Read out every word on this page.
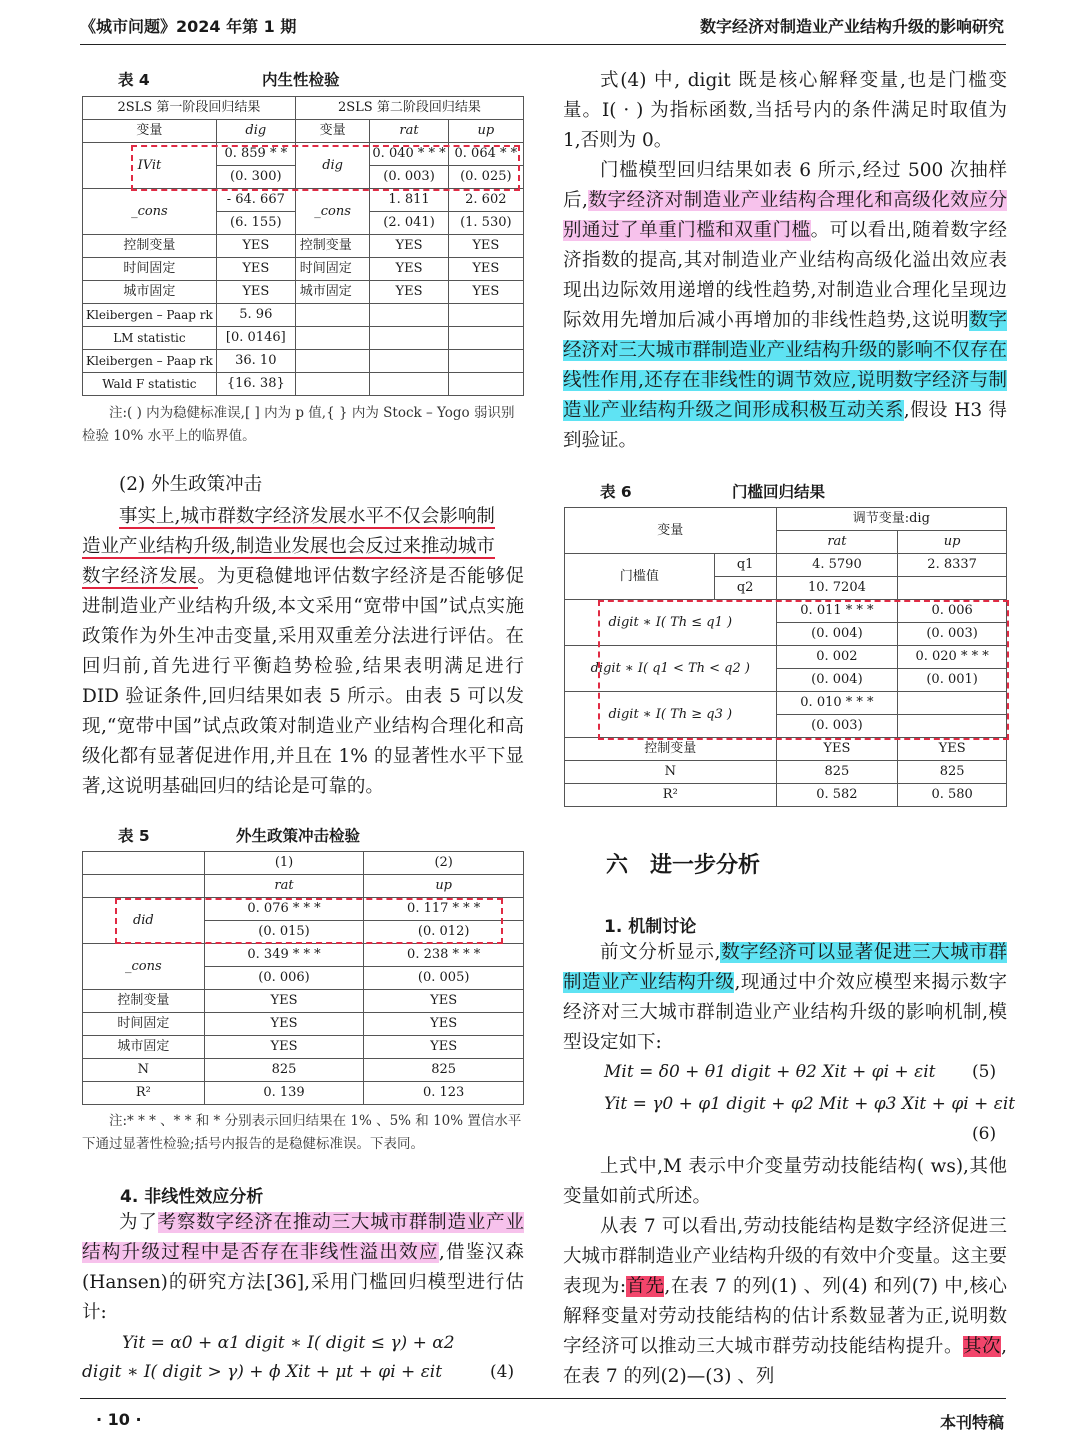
《城市问题》2024 年第 1 期	数字经济对制造业产业结构升级的影响研究
表 4	内生性检验
2SLS 第一阶段回归结果		2SLS 第二阶段回归结果		
变量	dig	变量	rat	up
IVit	0. 859 * *	dig	0. 040 * * *	0. 064 * *
	(0. 300)		(0. 003)	(0. 025)
_cons	- 64. 667	_cons	1. 811	2. 602
	(6. 155)		(2. 041)	(1. 530)
控制变量	YES	控制变量	YES	YES
时间固定	YES	时间固定	YES	YES
城市固定	YES	城市固定	YES	YES
Kleibergen – Paap rk	5. 96			
LM statistic	[0. 0146]			
Kleibergen – Paap rk	36. 10			
Wald F statistic	{16. 38}			
注:( ) 内为稳健标准误,[ ] 内为 p 值,{ } 内为 Stock – Yogo 弱识别检验 10% 水平上的临界值。

(2) 外生政策冲击

事实上,城市群数字经济发展水平不仅会影响制
造业产业结构升级,制造业发展也会反过来推动城市
数字经济发展。为更稳健地评估数字经济是否能够促进制造业产业结构升级,本文采用“宽带中国”试点实施政策作为外生冲击变量,采用双重差分法进行评估。在回归前,首先进行平衡趋势检验,结果表明满足进行 DID 验证条件,回归结果如表 5 所示。由表 5 可以发现,“宽带中国”试点政策对制造业产业结构合理化和高级化都有显著促进作用,并且在 1% 的显著性水平下显著,这说明基础回归的结论是可靠的。

表 5	外生政策冲击检验
	(1)	(2)
	rat	up
did	0. 076 * * *	0. 117 * * *
	(0. 015)	(0. 012)
_cons	0. 349 * * *	0. 238 * * *
	(0. 006)	(0. 005)
控制变量	YES	YES
时间固定	YES	YES
城市固定	YES	YES
N	825	825
R²	0. 139	0. 123
注:* * * 、* * 和 * 分别表示回归结果在 1% 、5% 和 10% 置信水平下通过显著性检验;括号内报告的是稳健标准误。下表同。
4. 非线性效应分析

为了考察数字经济在推动三大城市群制造业产业结构升级过程中是否存在非线性溢出效应,借鉴汉森(Hansen)的研究方法[36],采用门槛回归模型进行估计:

Yit = α0 + α1 digit ∗ I( digit ≤ γ) + α2
digit ∗ I( digit > γ) + ϕ Xit + μt + φi + εit	(4)

式(4) 中, digit 既是核心解释变量,也是门槛变量。I( · ) 为指标函数,当括号内的条件满足时取值为 1,否则为 0。

门槛模型回归结果如表 6 所示,经过 500 次抽样后,数字经济对制造业产业结构合理化和高级化效应分别通过了单重门槛和双重门槛。可以看出,随着数字经济指数的提高,其对制造业产业结构高级化溢出效应表现出边际效用递增的线性趋势,对制造业合理化呈现边际效用先增加后减小再增加的非线性趋势,这说明数字经济对三大城市群制造业产业结构升级的影响不仅存在线性作用,还存在非线性的调节效应,说明数字经济与制造业产业结构升级之间形成积极互动关系,假设 H3 得到验证。

表 6	门槛回归结果
变量		调节变量:dig	
		rat	up
门槛值	q1	4. 5790	2. 8337
	q2	10. 7204	
digit ∗ I( Th ≤ q1 )		0. 011 * * *	0. 006
		(0. 004)	(0. 003)
digit ∗ I( q1 < Th < q2 )		0. 002	0. 020 * * *
		(0. 004)	(0. 001)
digit ∗ I( Th ≥ q3 )		0. 010 * * *	
		(0. 003)	
控制变量		YES	YES
N		825	825
R²		0. 582	0. 580
六　进一步分析
1. 机制讨论

前文分析显示,数字经济可以显著促进三大城市群制造业产业结构升级,现通过中介效应模型来揭示数字经济对三大城市群制造业产业结构升级的影响机制,模型设定如下:

Mit = δ0 + θ1 digit + θ2 Xit + φi + εit (5)
Yit = γ0 + φ1 digit + φ2 Mit + φ3 Xit + φi + εit
(6)

上式中,M 表示中介变量劳动技能结构( ws),其他变量如前式所述。

从表 7 可以看出,劳动技能结构是数字经济促进三大城市群制造业产业结构升级的有效中介变量。这主要表现为:首先,在表 7 的列(1) 、列(4) 和列(7) 中,核心解释变量对劳动技能结构的估计系数显著为正,说明数字经济可以推动三大城市群劳动技能结构提升。其次,在表 7 的列(2)—(3) 、列

· 10 ·	本刊特稿
